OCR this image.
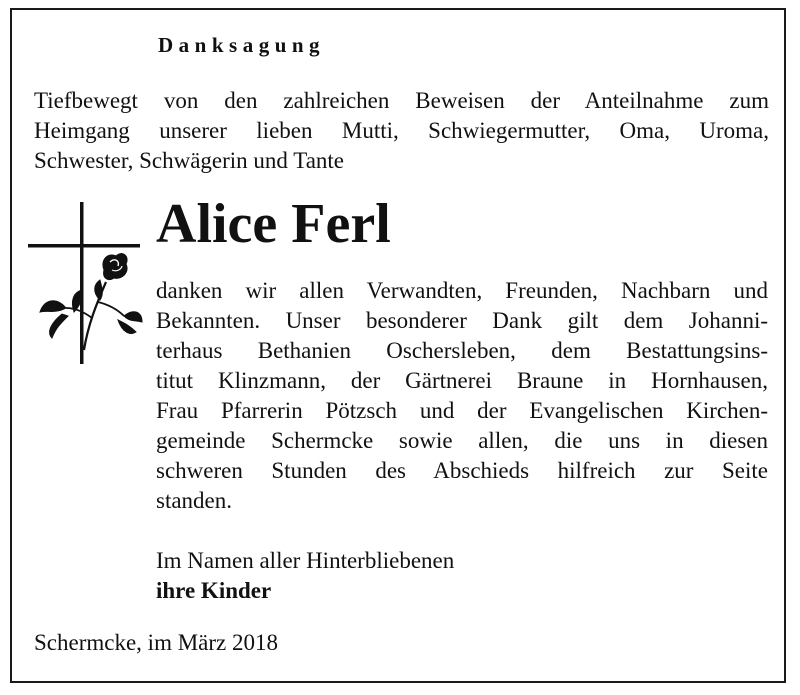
Danksagung

Tiefbewegt von den zahlreichen Beweisen der Anteilnahme zum
Heimgang unserer lieben Mutti, Schwiegermutter, Oma, Uroma,
Schwester, Schwägerin und Tante

Alice Ferl

danken wir allen Verwandten, Freunden, Nachbarn und
Bekannten. Unser besonderer Dank gilt dem Johanni-
terhaus Bethanien Oschersleben, dem Bestattungsins-
titut Klinzmann, der Gärtnerei Braune in Hornhausen,
Frau Pfarrerin Pötzsch und der Evangelischen Kirchen-
gemeinde Schermcke sowie allen, die uns in diesen
schweren Stunden des Abschieds hilfreich zur Seite
standen.

Im Namen aller Hinterbliebenen
ihre Kinder

Schermcke, im März 2018
